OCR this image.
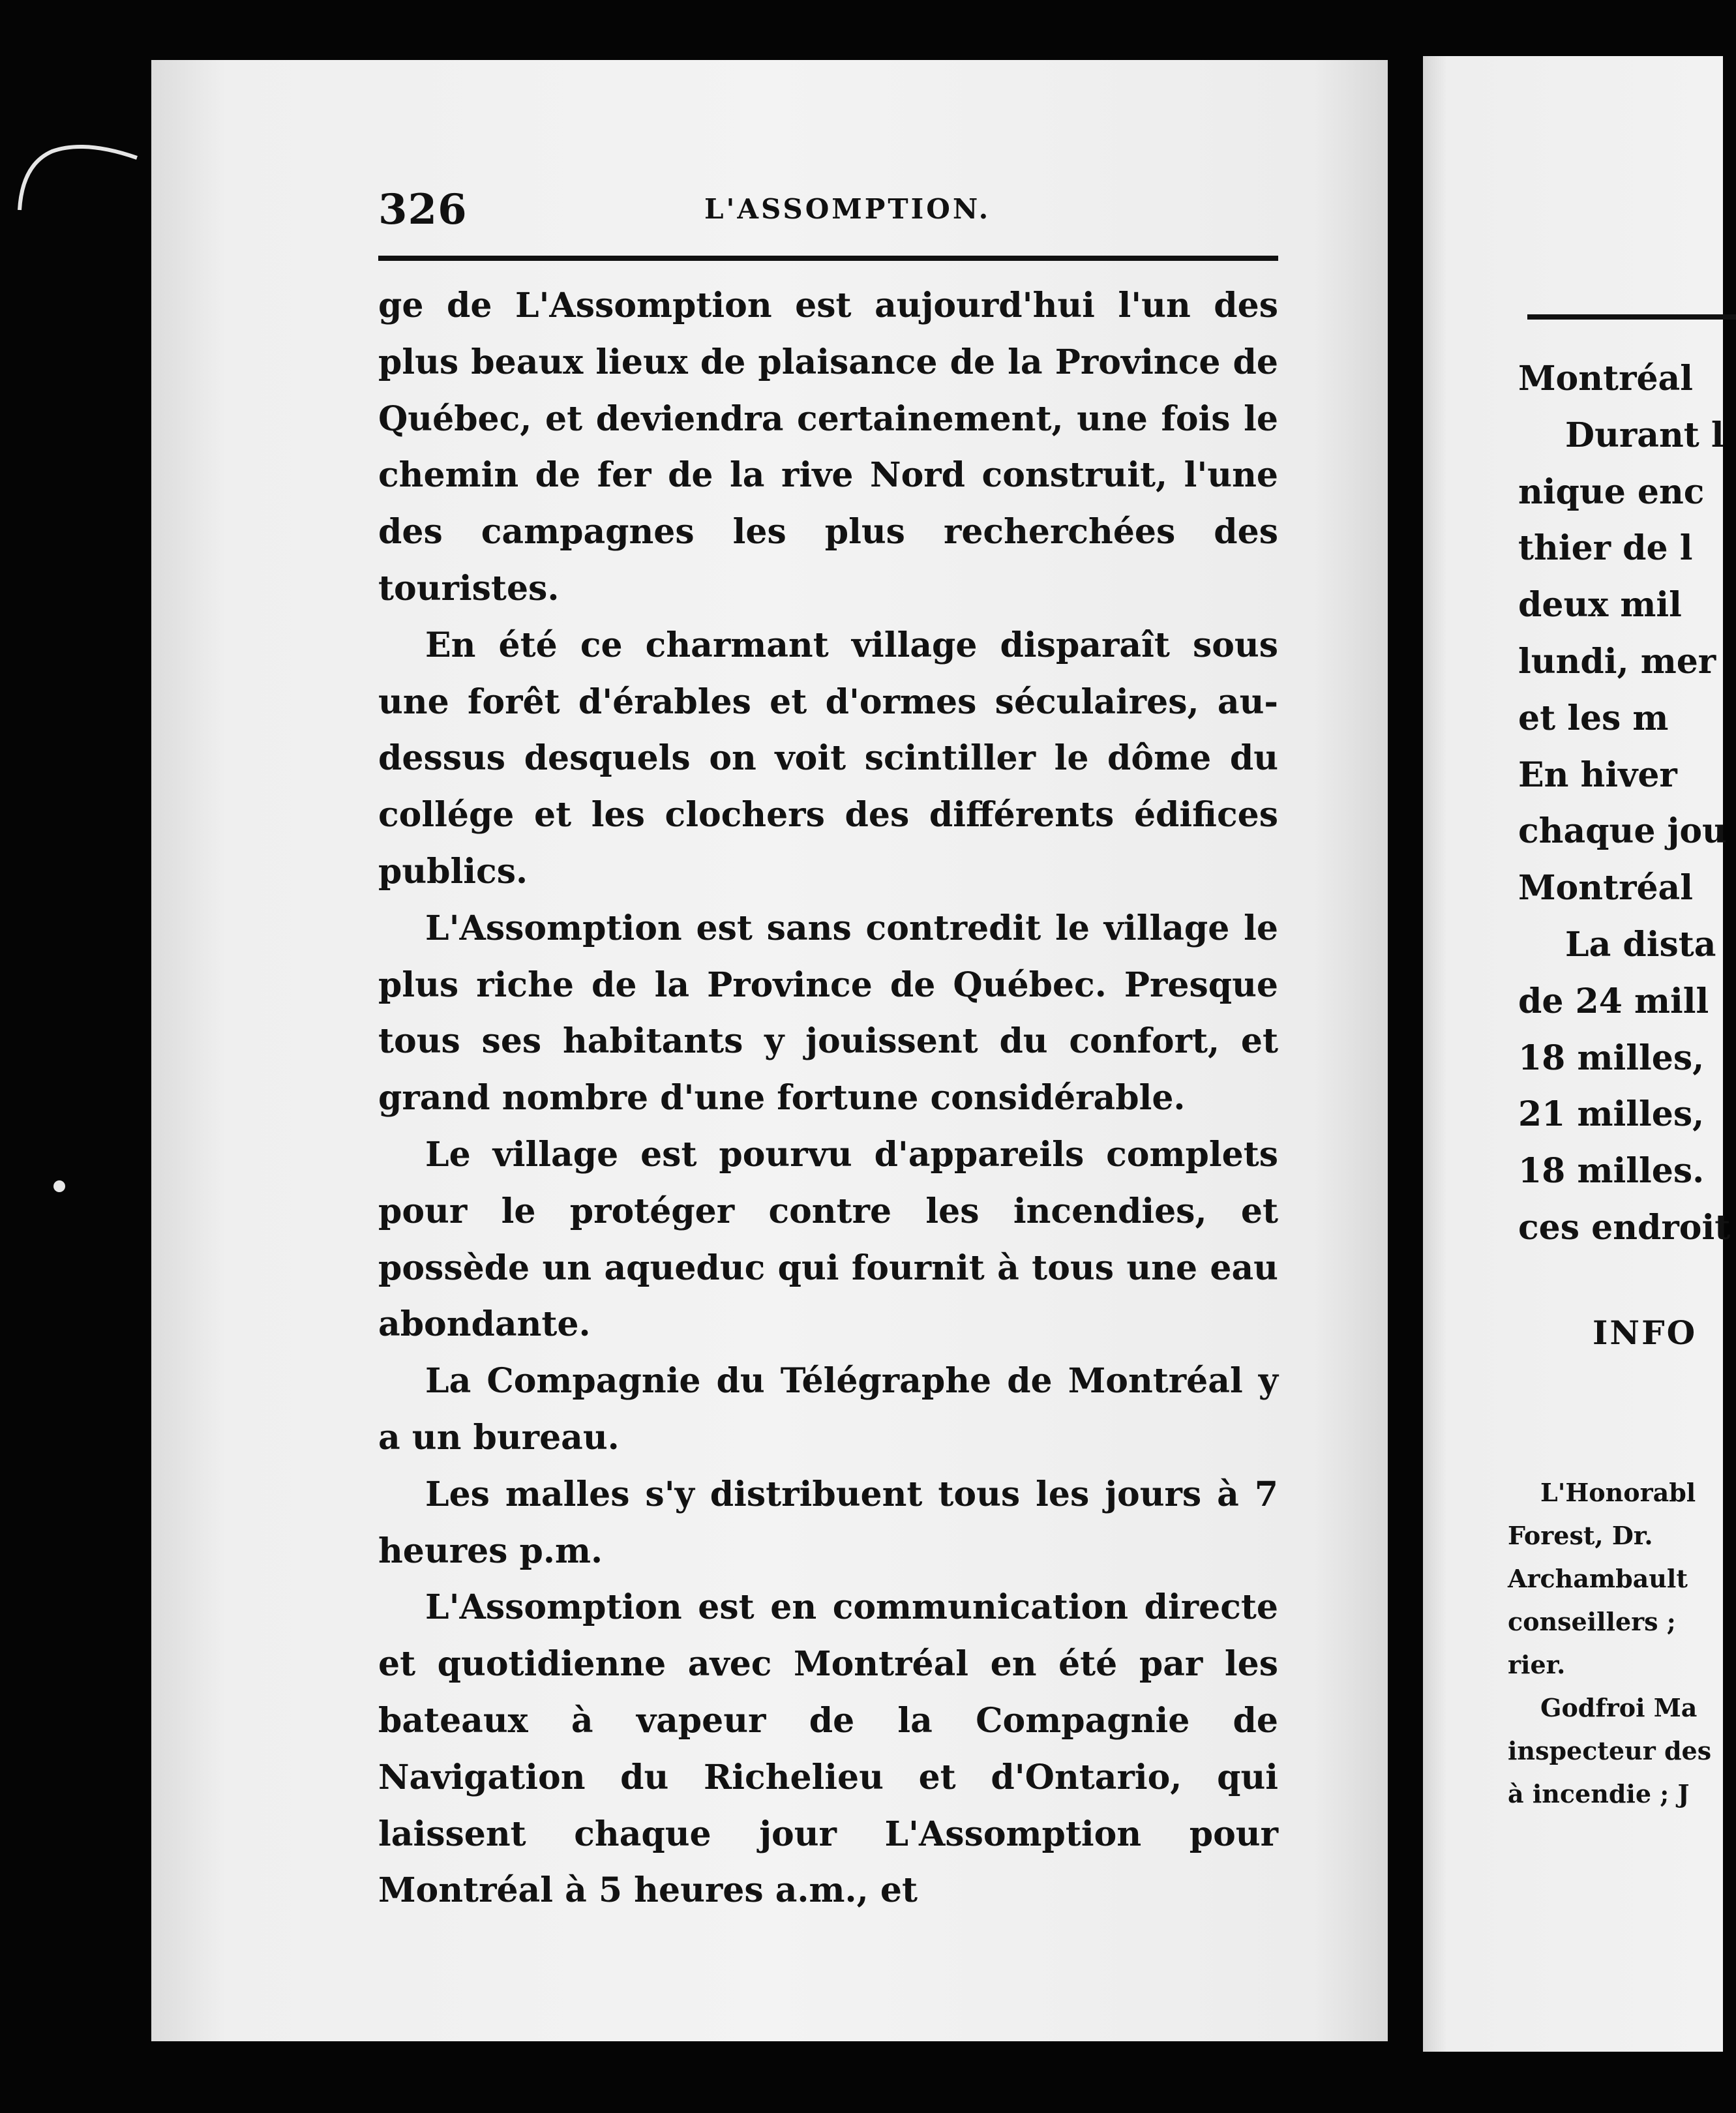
326	L'ASSOMPTION.

ge de L'Assomption est aujourd'hui l'un des plus beaux lieux de plaisance de la Province de Québec, et deviendra certainement, une fois le chemin de fer de la rive Nord construit, l'une des campagnes les plus recherchées des touristes.

En été ce charmant village disparaît sous une forêt d'érables et d'ormes séculaires, au-dessus desquels on voit scintiller le dôme du collége et les clochers des différents édifices publics.

L'Assomption est sans contredit le village le plus riche de la Province de Québec. Presque tous ses habitants y jouissent du confort, et grand nombre d'une fortune considérable.

Le village est pourvu d'appareils complets pour le protéger contre les incendies, et possède un aqueduc qui fournit à tous une eau abondante.

La Compagnie du Télégraphe de Montréal y a un bureau.

Les malles s'y distribuent tous les jours à 7 heures p.m.

L'Assomption est en communication directe et quotidienne avec Montréal en été par les bateaux à vapeur de la Compagnie de Navigation du Richelieu et d'Ontario, qui laissent chaque jour L'Assomption pour Montréal à 5 heures a.m., et

Montréal
Durant l
nique enc
thier de l
deux mil
lundi, mer
et les m
En hiver
chaque jou
Montréal
La dista
de 24 mill
18 milles,
21 milles,
18 milles.
ces endroit
INFO
L'Honorabl
Forest, Dr.
Archambault
conseillers ;
rier.
Godfroi Ma
inspecteur des
à incendie ; J
